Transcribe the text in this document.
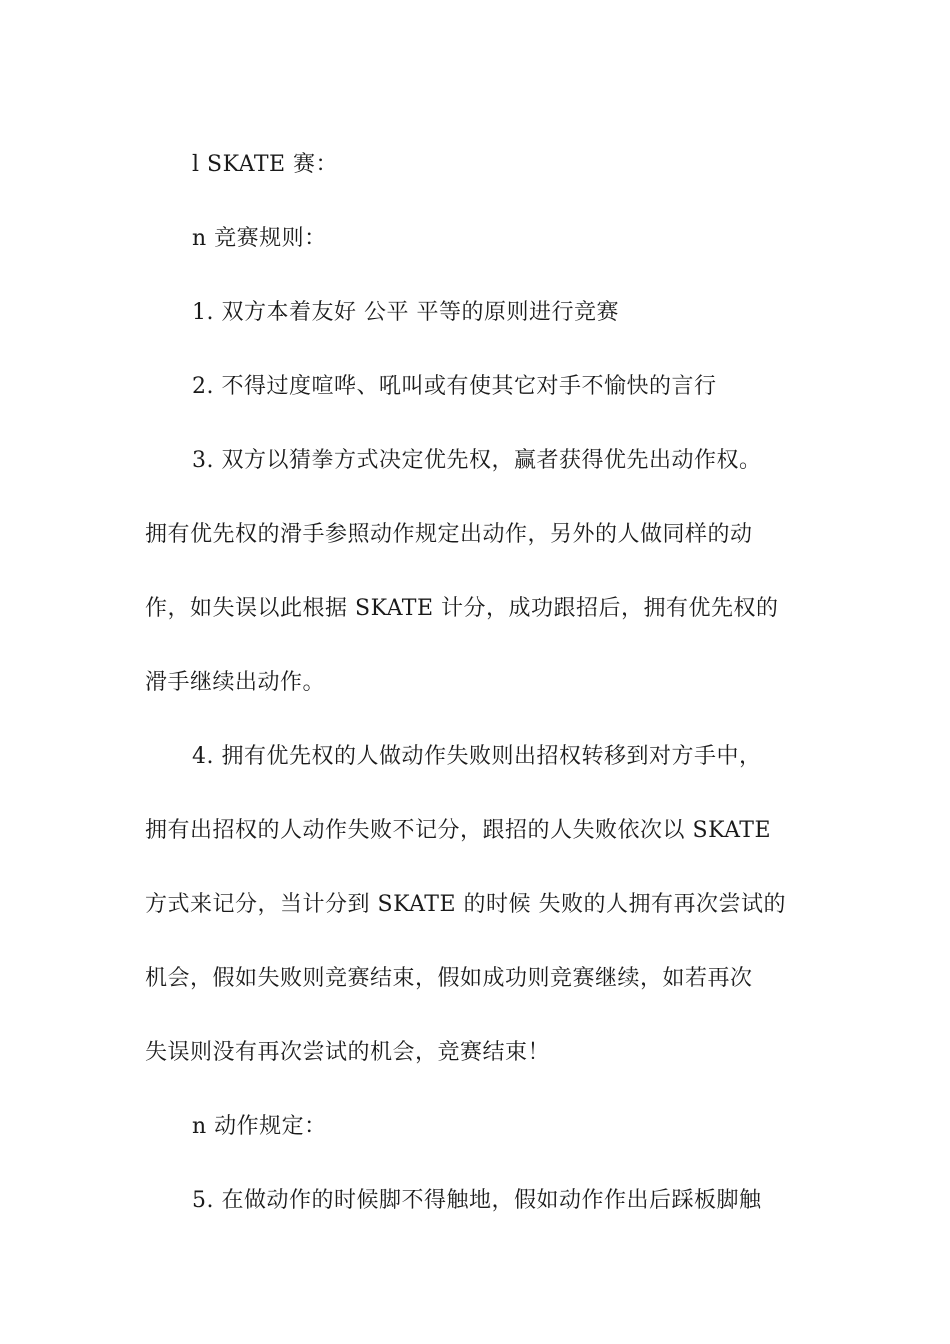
l SKATE 赛：

n 竞赛规则：

1. 双方本着友好 公平 平等的原则进行竞赛

2. 不得过度喧哗、吼叫或有使其它对手不愉快的言行

3. 双方以猜拳方式决定优先权，赢者获得优先出动作权。
拥有优先权的滑手参照动作规定出动作，另外的人做同样的动
作，如失误以此根据 SKATE 计分，成功跟招后，拥有优先权的
滑手继续出动作。

4. 拥有优先权的人做动作失败则出招权转移到对方手中，
拥有出招权的人动作失败不记分，跟招的人失败依次以 SKATE
方式来记分，当计分到 SKATE 的时候 失败的人拥有再次尝试的
机会，假如失败则竞赛结束，假如成功则竞赛继续，如若再次
失误则没有再次尝试的机会，竞赛结束！

n 动作规定：

5. 在做动作的时候脚不得触地，假如动作作出后踩板脚触
